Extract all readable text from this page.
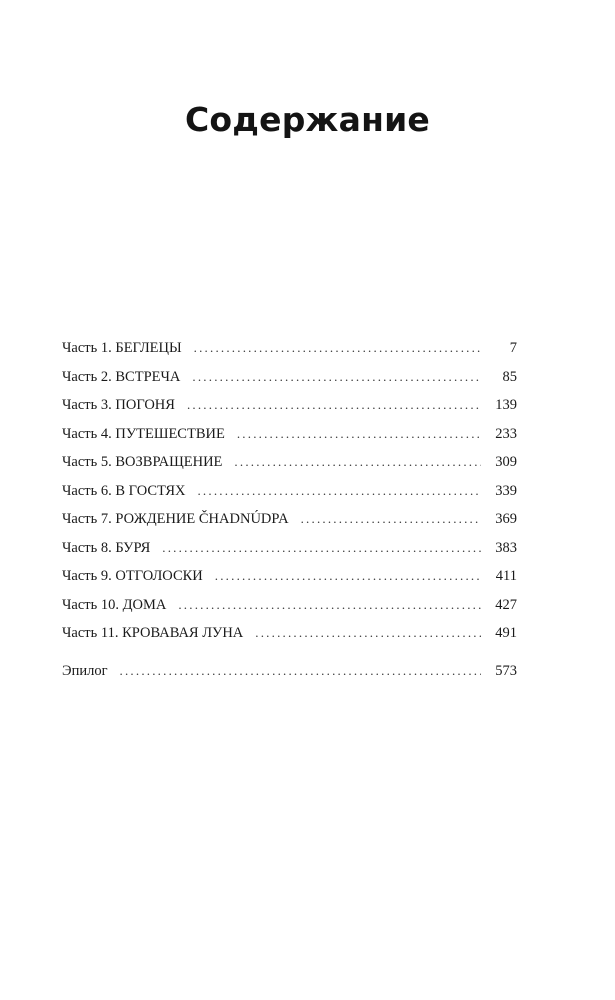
Содержание
Часть 1. БЕГЛЕЦЫ .....	7
Часть 2. ВСТРЕЧА .....	85
Часть 3. ПОГОНЯ .....	139
Часть 4. ПУТЕШЕСТВИЕ .....	233
Часть 5. ВОЗВРАЩЕНИЕ .....	309
Часть 6. В ГОСТЯХ .....	339
Часть 7. РОЖДЕНИЕ ČHADNÚDPA .....	369
Часть 8. БУРЯ .....	383
Часть 9. ОТГОЛОСКИ .....	411
Часть 10. ДОМА .....	427
Часть 11. КРОВАВАЯ ЛУНА .....	491
Эпилог .....	573
